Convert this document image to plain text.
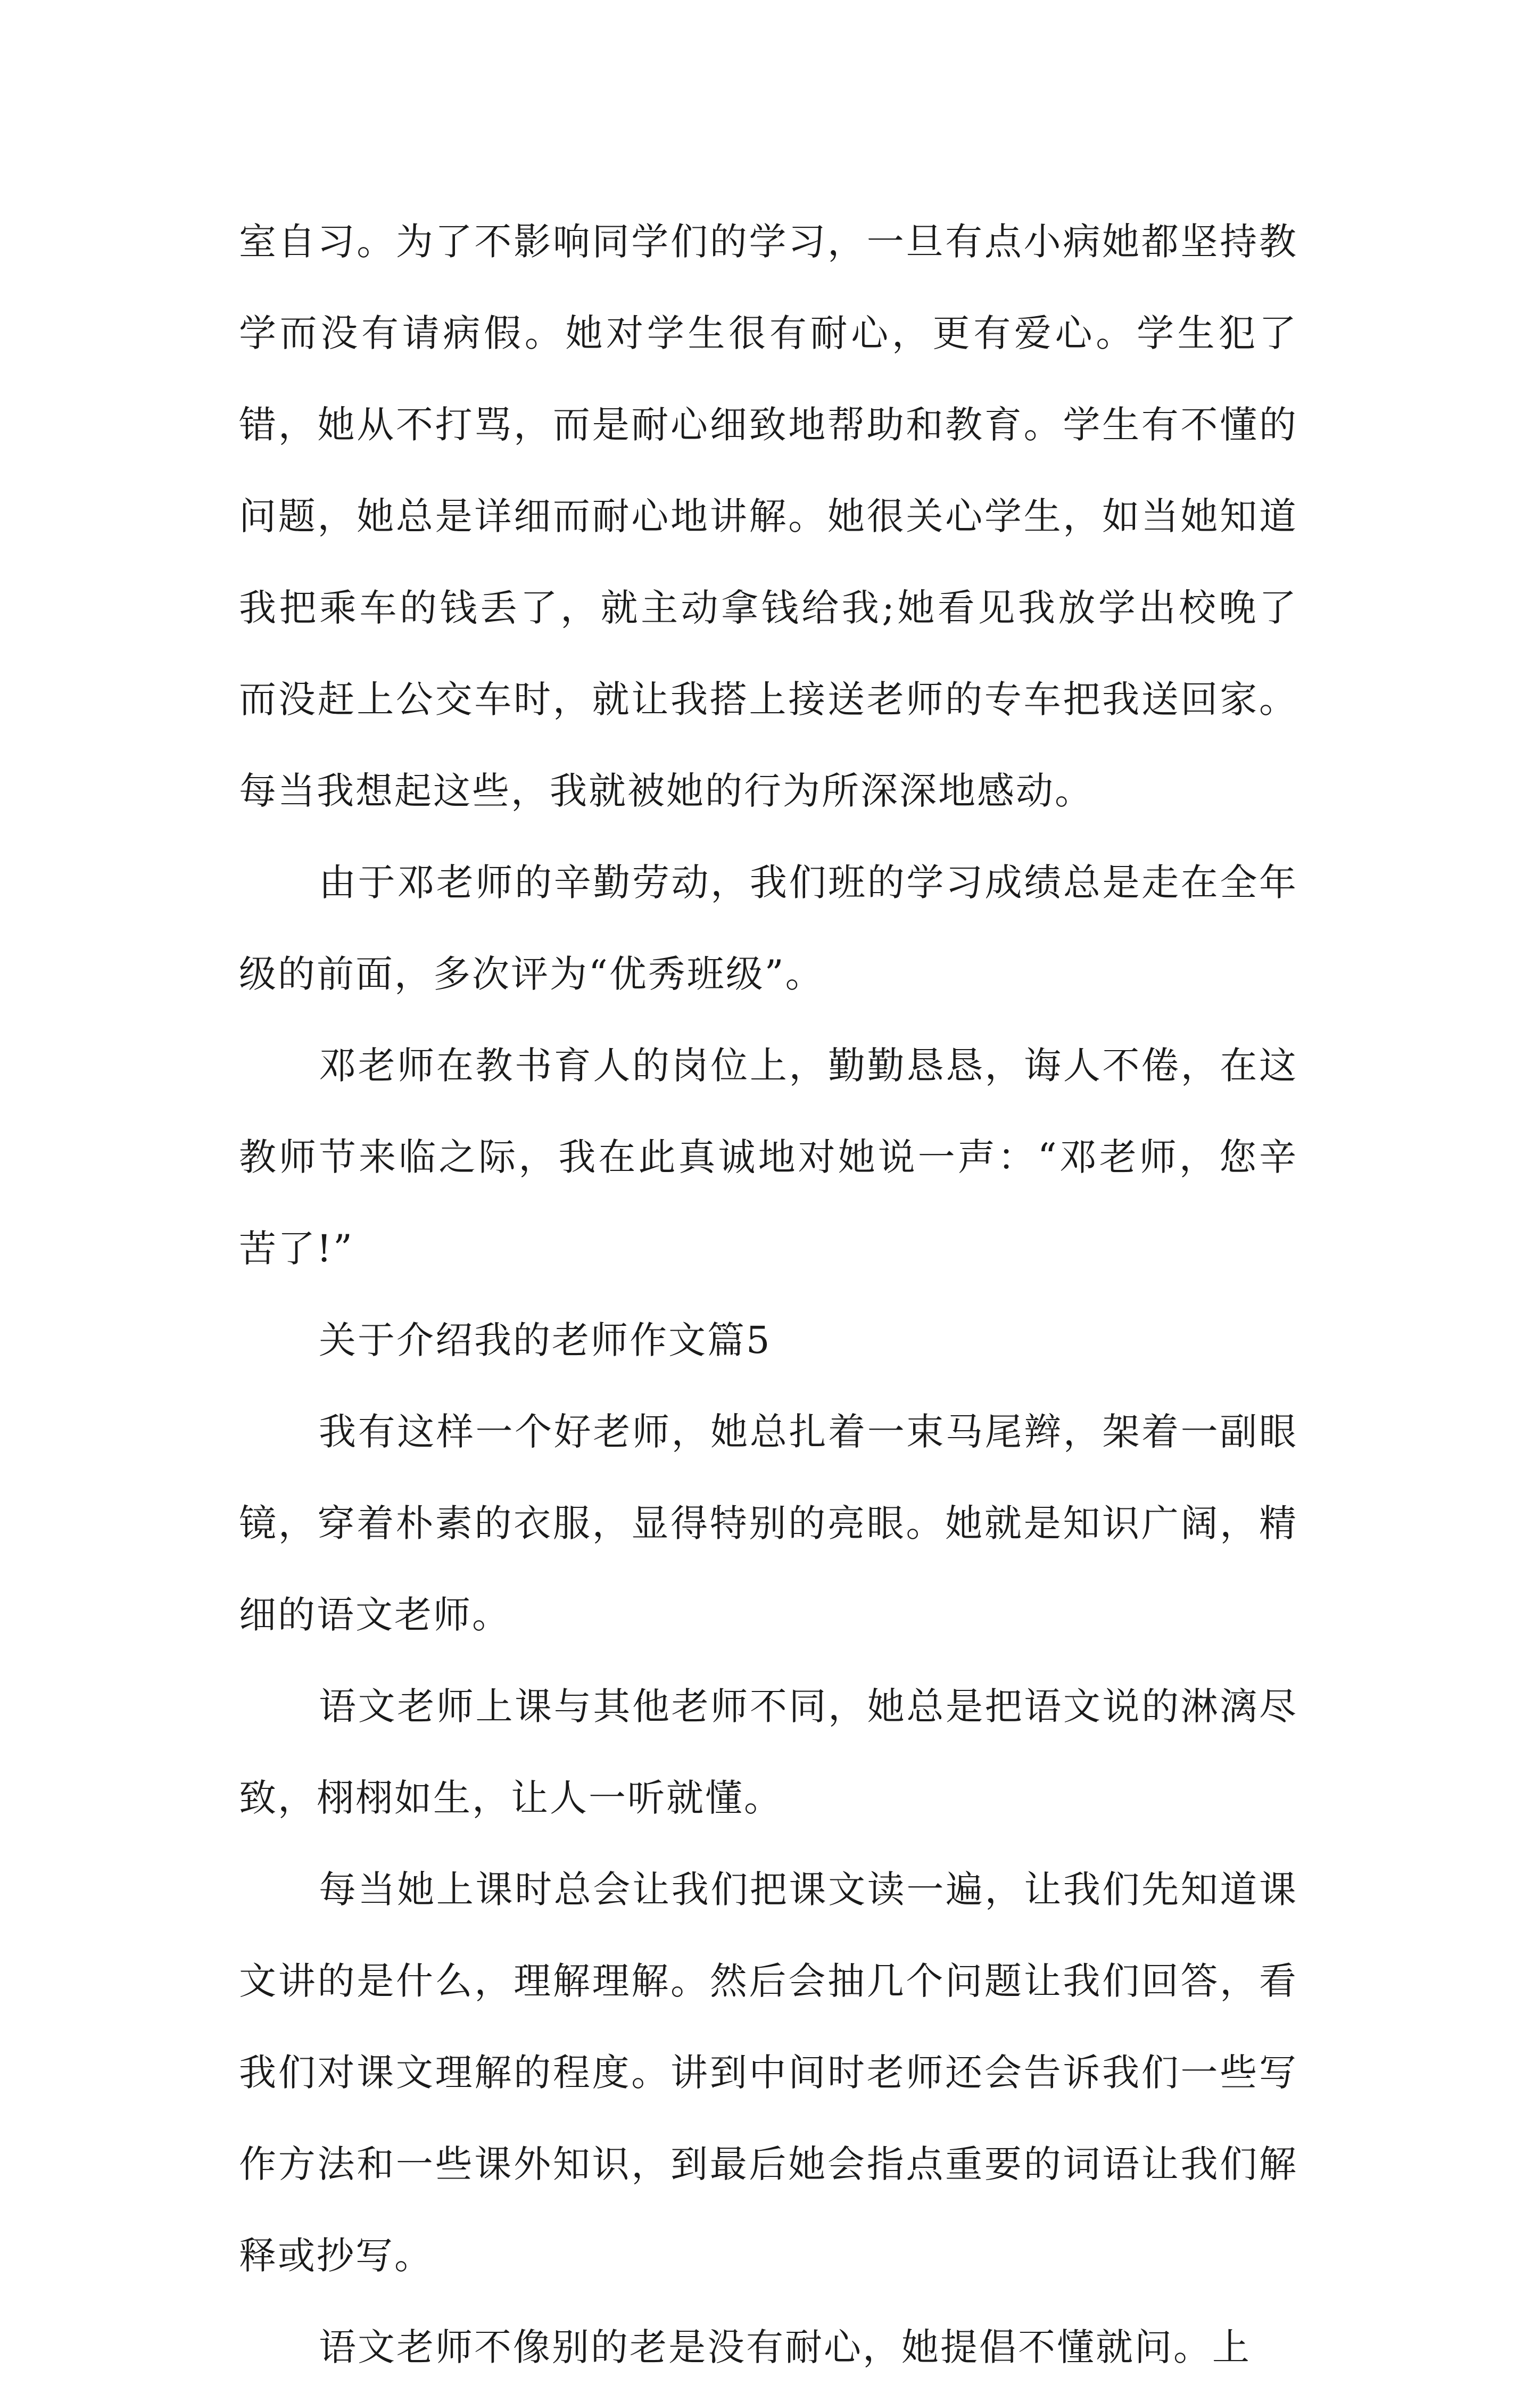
室自习。为了不影响同学们的学习，一旦有点小病她都坚持教学而没有请病假。她对学生很有耐心，更有爱心。学生犯了错，她从不打骂，而是耐心细致地帮助和教育。学生有不懂的问题，她总是详细而耐心地讲解。她很关心学生，如当她知道我把乘车的钱丢了，就主动拿钱给我;她看见我放学出校晚了而没赶上公交车时，就让我搭上接送老师的专车把我送回家。每当我想起这些，我就被她的行为所深深地感动。

由于邓老师的辛勤劳动，我们班的学习成绩总是走在全年级的前面，多次评为“优秀班级”。

邓老师在教书育人的岗位上，勤勤恳恳，诲人不倦，在这教师节来临之际，我在此真诚地对她说一声：“邓老师，您辛苦了!”

关于介绍我的老师作文篇5

我有这样一个好老师，她总扎着一束马尾辫，架着一副眼镜，穿着朴素的衣服，显得特别的亮眼。她就是知识广阔，精细的语文老师。

语文老师上课与其他老师不同，她总是把语文说的淋漓尽致，栩栩如生，让人一听就懂。

每当她上课时总会让我们把课文读一遍，让我们先知道课文讲的是什么，理解理解。然后会抽几个问题让我们回答，看我们对课文理解的程度。讲到中间时老师还会告诉我们一些写作方法和一些课外知识，到最后她会指点重要的词语让我们解释或抄写。

语文老师不像别的老是没有耐心，她提倡不懂就问。上
